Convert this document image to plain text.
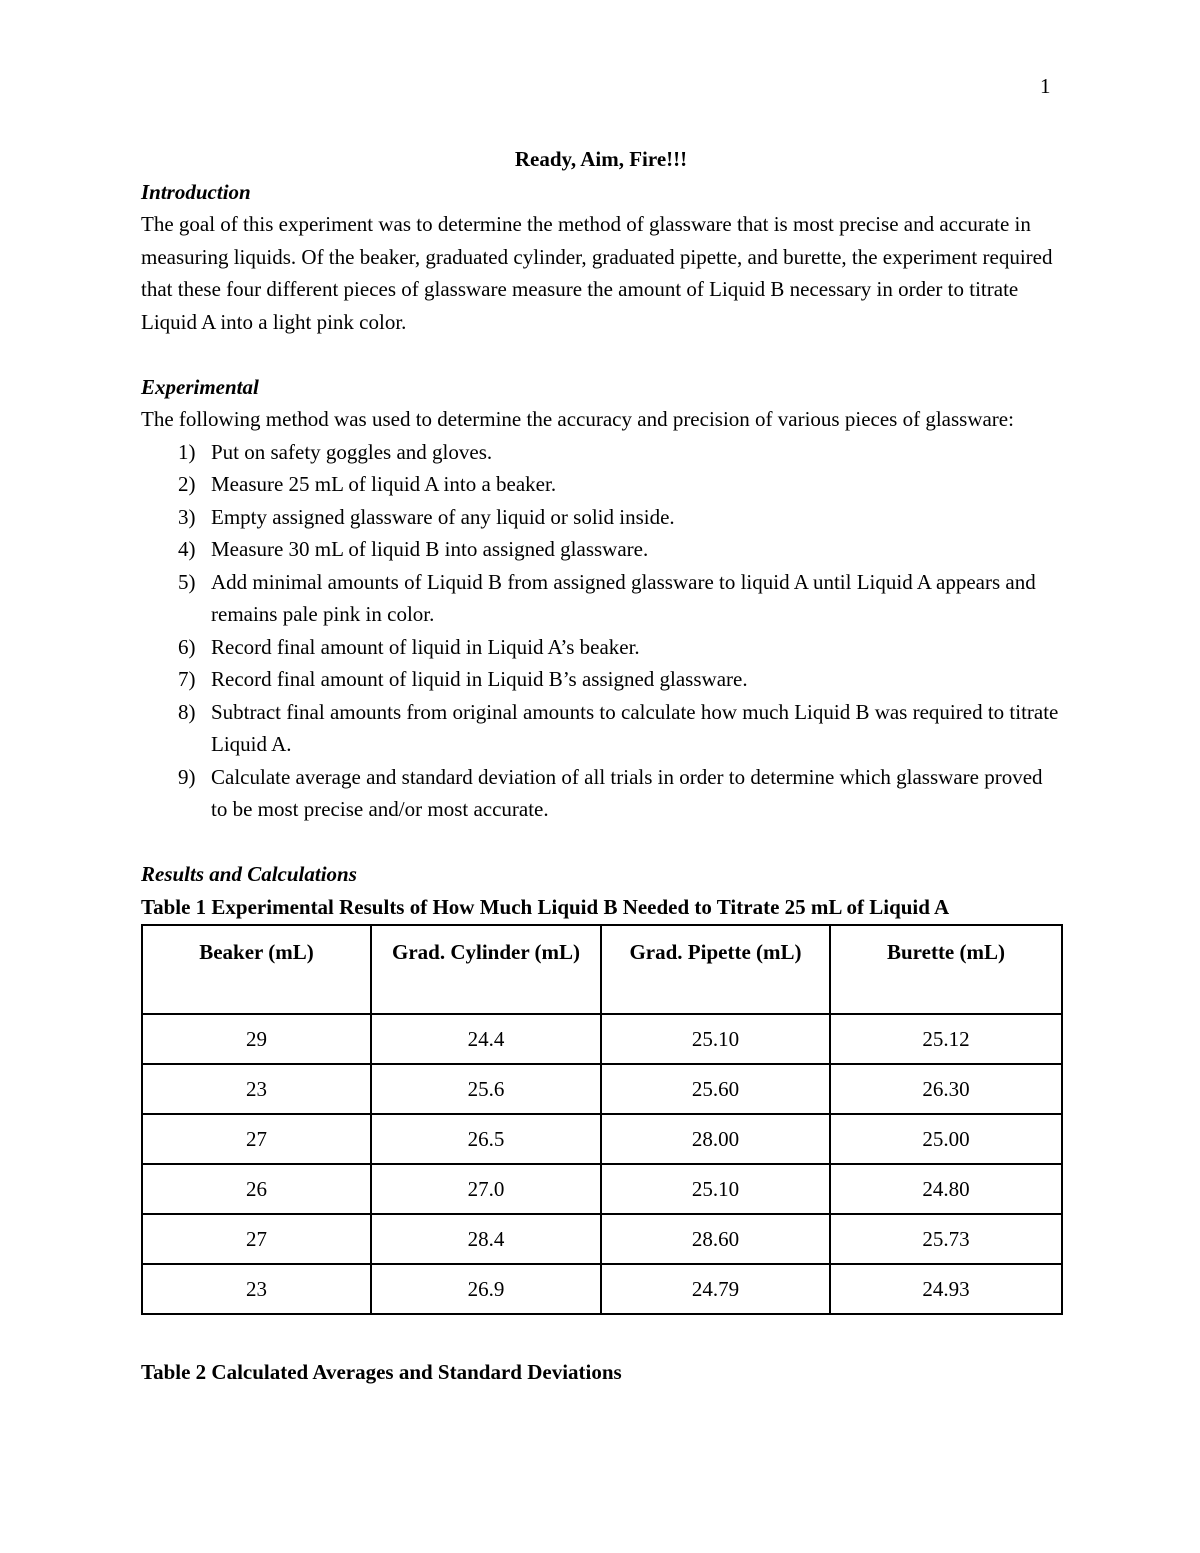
1

Ready, Aim, Fire!!!

Introduction

The goal of this experiment was to determine the method of glassware that is most precise and accurate in measuring liquids. Of the beaker, graduated cylinder, graduated pipette, and burette, the experiment required that these four different pieces of glassware measure the amount of Liquid B necessary in order to titrate Liquid A into a light pink color.

Experimental

The following method was used to determine the accuracy and precision of various pieces of glassware:

1) Put on safety goggles and gloves.
2) Measure 25 mL of liquid A into a beaker.
3) Empty assigned glassware of any liquid or solid inside.
4) Measure 30 mL of liquid B into assigned glassware.
5) Add minimal amounts of Liquid B from assigned glassware to liquid A until Liquid A appears and remains pale pink in color.
6) Record final amount of liquid in Liquid A’s beaker.
7) Record final amount of liquid in Liquid B’s assigned glassware.
8) Subtract final amounts from original amounts to calculate how much Liquid B was required to titrate Liquid A.
9) Calculate average and standard deviation of all trials in order to determine which glassware proved to be most precise and/or most accurate.

Results and Calculations

Table 1 Experimental Results of How Much Liquid B Needed to Titrate 25 mL of Liquid A

Beaker (mL)	Grad. Cylinder (mL)	Grad. Pipette (mL)	Burette (mL)
29	24.4	25.10	25.12
23	25.6	25.60	26.30
27	26.5	28.00	25.00
26	27.0	25.10	24.80
27	28.4	28.60	25.73
23	26.9	24.79	24.93
Table 2 Calculated Averages and Standard Deviations
